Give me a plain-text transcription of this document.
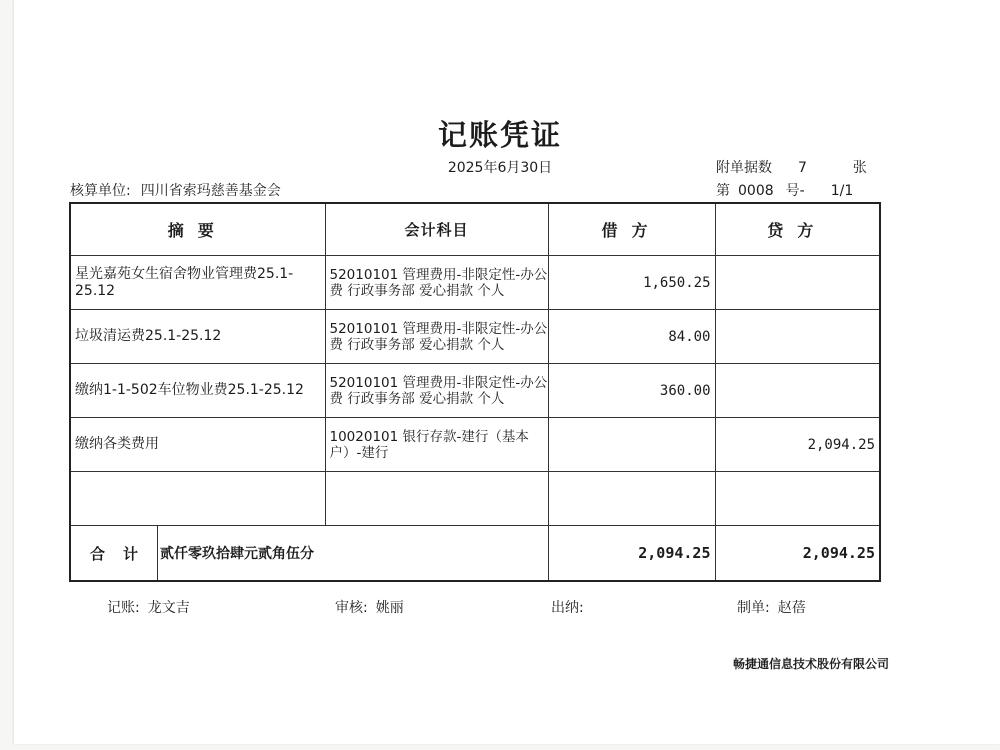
记账凭证
2025年6月30日
核算单位: 四川省索玛慈善基金会
附单据数 7	张
第 0008 号- 1/1
摘要	会计科目	借方	贷方
星光嘉苑女生宿舍物业管理费25.1-25.12	52010101 管理费用-非限定性-办公费 行政事务部 爱心捐款 个人	1,650.25	
垃圾清运费25.1-25.12	52010101 管理费用-非限定性-办公费 行政事务部 爱心捐款 个人	84.00	
缴纳1-1-502车位物业费25.1-25.12	52010101 管理费用-非限定性-办公费 行政事务部 爱心捐款 个人	360.00	
缴纳各类费用	10020101 银行存款-建行（基本户）-建行		2,094.25

合计 贰仟零玖拾肆元贰角伍分		2,094.25	2,094.25
记账: 龙文吉	审核: 姚丽	出纳:	制单: 赵蓓
畅捷通信息技术股份有限公司
